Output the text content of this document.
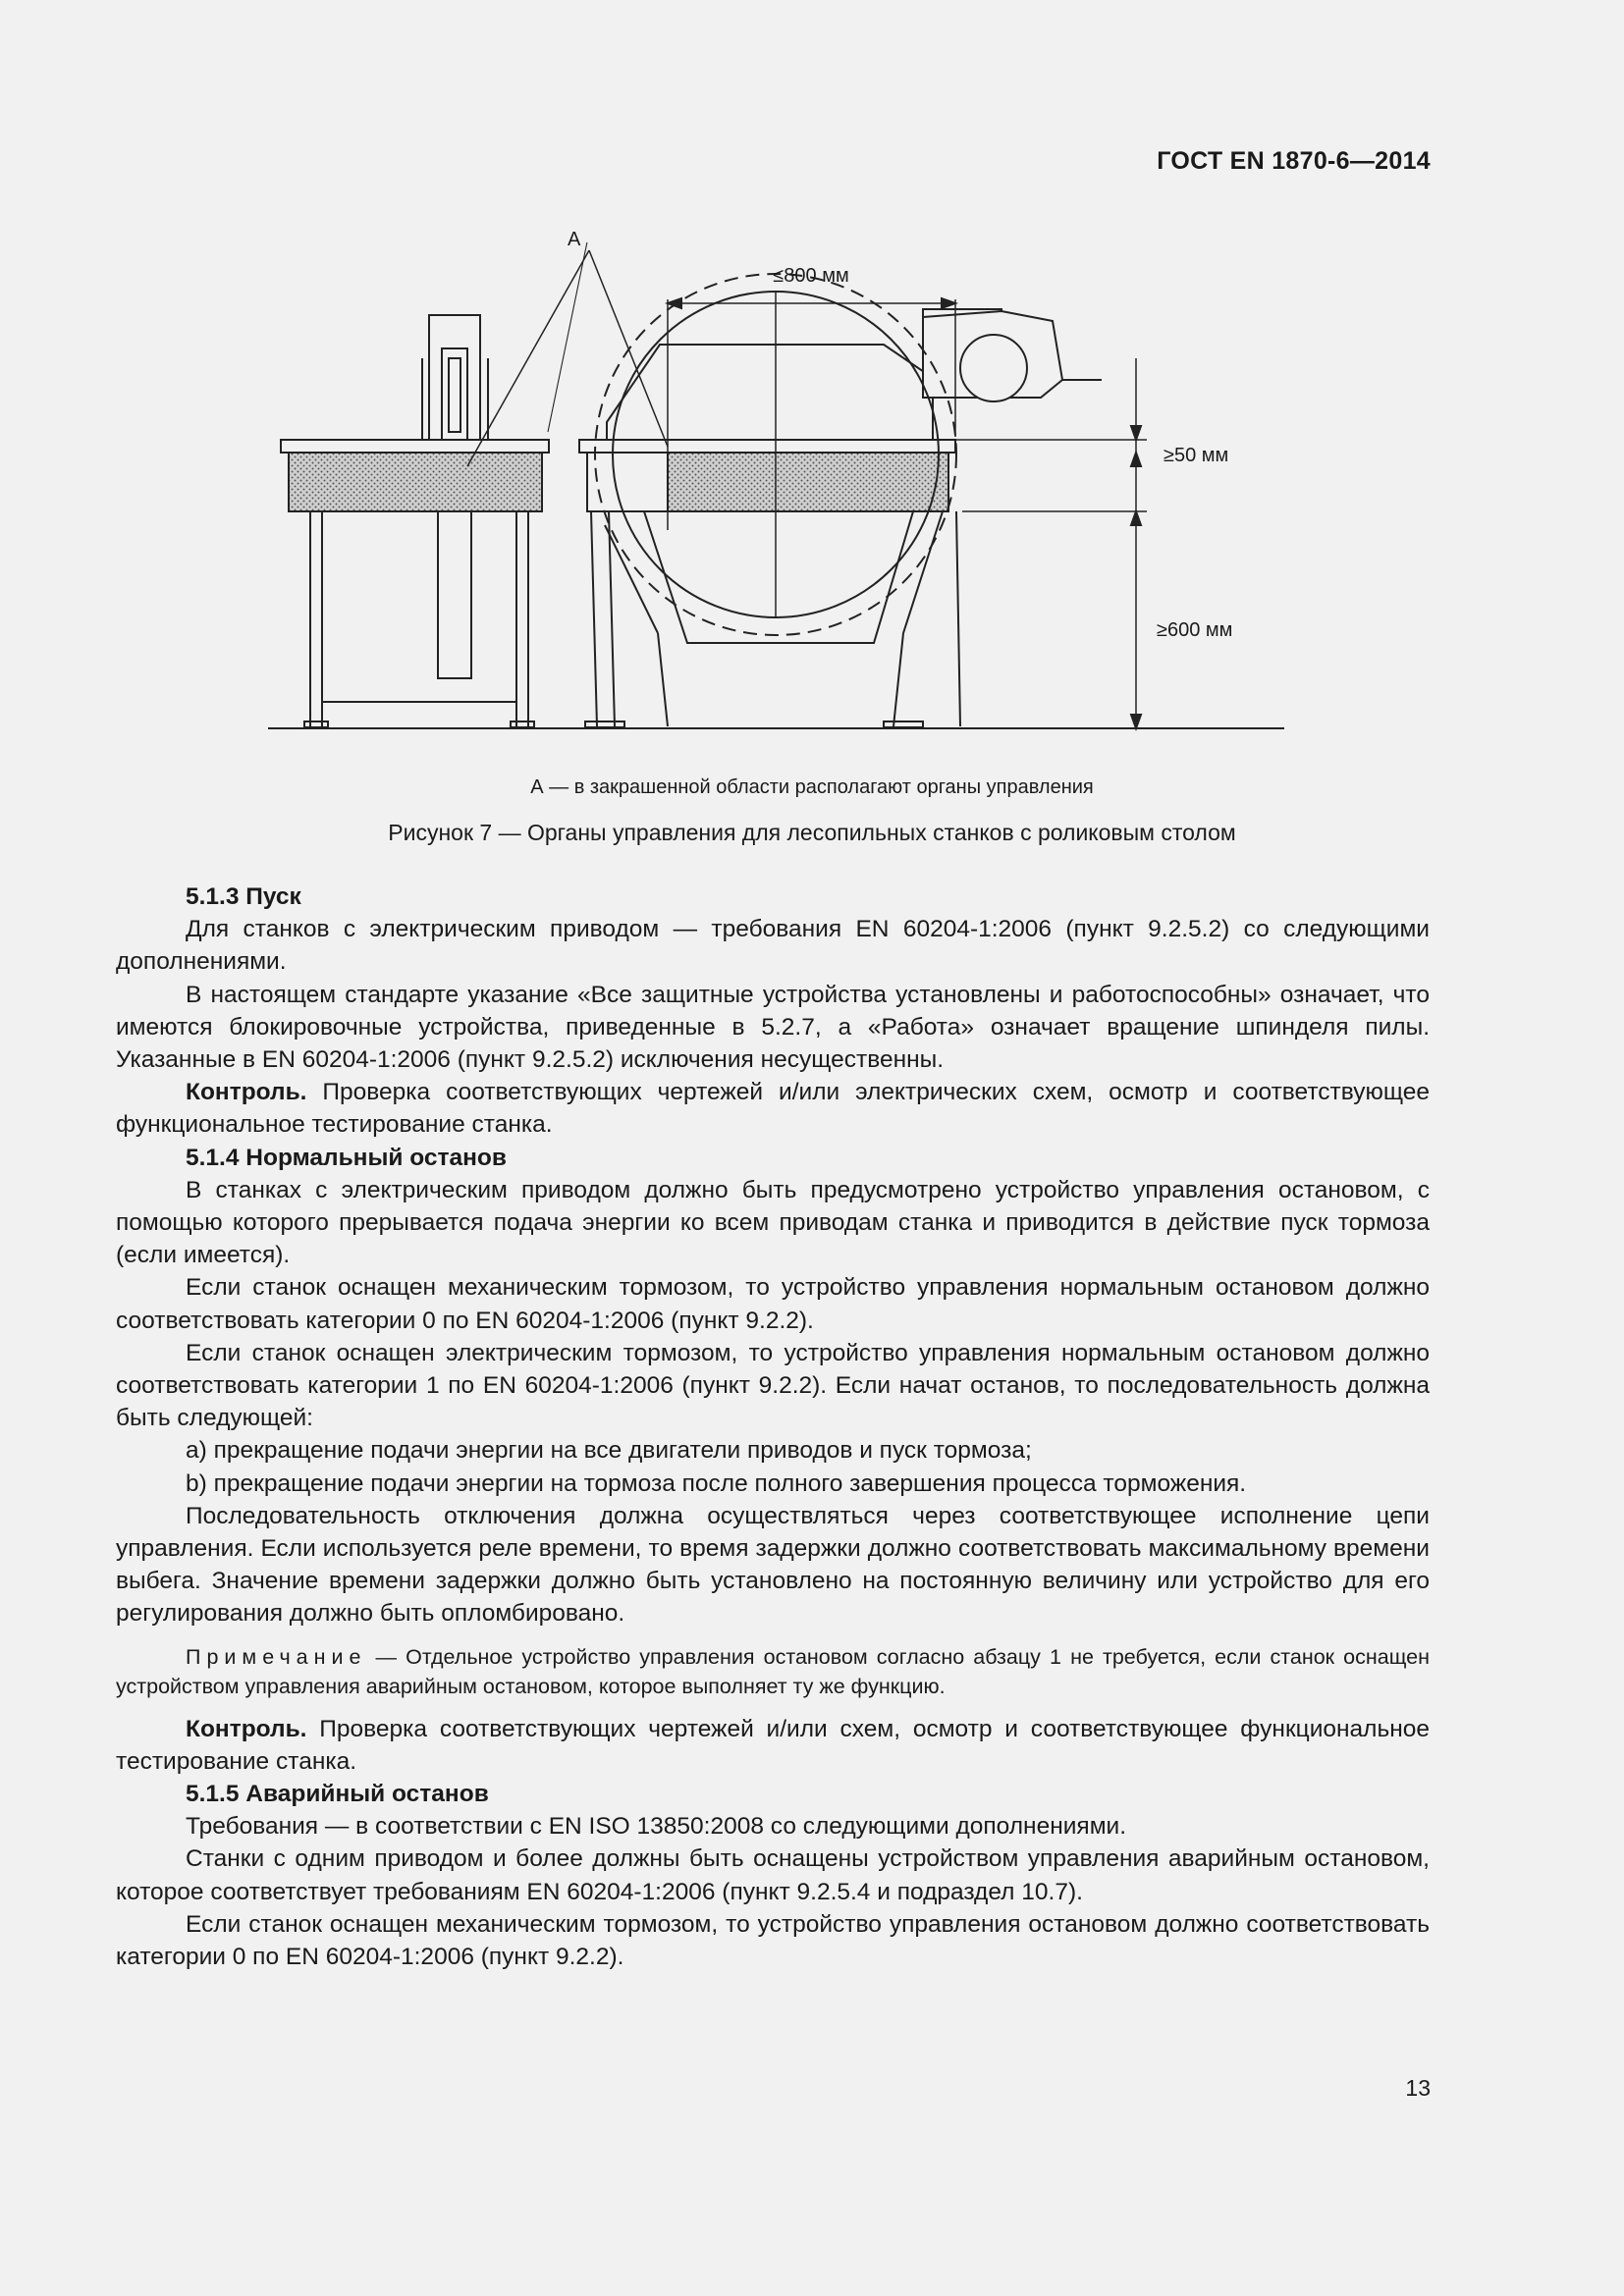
ГОСТ EN 1870-6—2014
≤800 мм
≥50 мм
≥600 мм
А
А — в закрашенной области располагают органы управления
Рисунок 7 — Органы управления для лесопильных станков с роликовым столом

5.1.3 Пуск

Для станков с электрическим приводом — требования EN 60204-1:2006 (пункт 9.2.5.2) со следующими дополнениями.

В настоящем стандарте указание «Все защитные устройства установлены и работоспособны» означает, что имеются блокировочные устройства, приведенные в 5.2.7, а «Работа» означает вращение шпинделя пилы. Указанные в EN 60204-1:2006 (пункт 9.2.5.2) исключения несущественны.

Контроль. Проверка соответствующих чертежей и/или электрических схем, осмотр и соответствующее функциональное тестирование станка.

5.1.4 Нормальный останов

В станках с электрическим приводом должно быть предусмотрено устройство управления остановом, с помощью которого прерывается подача энергии ко всем приводам станка и приводится в действие пуск тормоза (если имеется).

Если станок оснащен механическим тормозом, то устройство управления нормальным остановом должно соответствовать категории 0 по EN 60204-1:2006 (пункт 9.2.2).

Если станок оснащен электрическим тормозом, то устройство управления нормальным остановом должно соответствовать категории 1 по EN 60204-1:2006 (пункт 9.2.2). Если начат останов, то последовательность должна быть следующей:

а) прекращение подачи энергии на все двигатели приводов и пуск тормоза;

b) прекращение подачи энергии на тормоза после полного завершения процесса торможения.

Последовательность отключения должна осуществляться через соответствующее исполнение цепи управления. Если используется реле времени, то время задержки должно соответствовать максимальному времени выбега. Значение времени задержки должно быть установлено на постоянную величину или устройство для его регулирования должно быть опломбировано.

Примечание — Отдельное устройство управления остановом согласно абзацу 1 не требуется, если станок оснащен устройством управления аварийным остановом, которое выполняет ту же функцию.

Контроль. Проверка соответствующих чертежей и/или схем, осмотр и соответствующее функциональное тестирование станка.

5.1.5 Аварийный останов

Требования — в соответствии с EN ISO 13850:2008 со следующими дополнениями.

Станки с одним приводом и более должны быть оснащены устройством управления аварийным остановом, которое соответствует требованиям EN 60204-1:2006 (пункт 9.2.5.4 и подраздел 10.7).

Если станок оснащен механическим тормозом, то устройство управления остановом должно соответствовать категории 0 по EN 60204-1:2006 (пункт 9.2.2).

13
